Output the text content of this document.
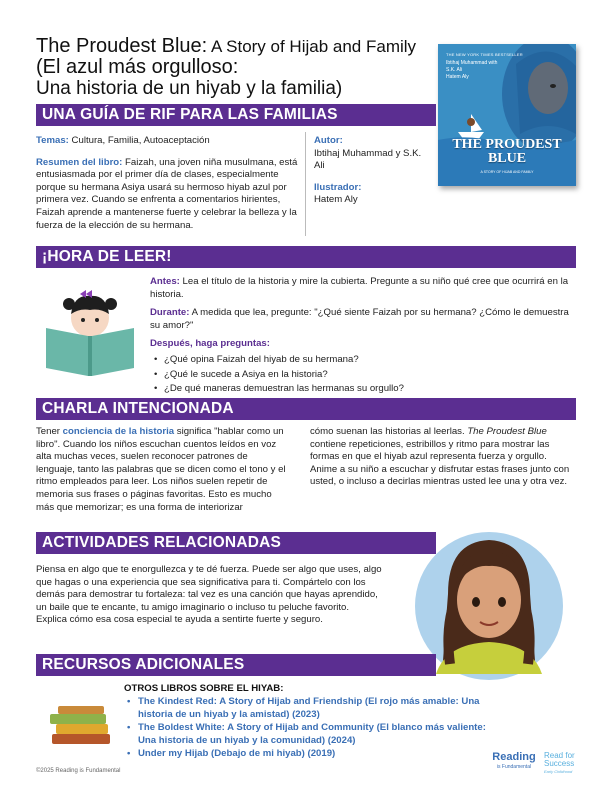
The Proudest Blue: A Story of Hijab and Family (El azul más orgulloso:
Una historia de un hiyab y la familia)
THE NEW YORK TIMES BESTSELLER
Ibtihaj Muhammad with S.K. Ali
Hatem Aly
THE PROUDEST BLUE
A STORY OF HIJAB AND FAMILY
UNA GUÍA DE RIF PARA LAS FAMILIAS

Temas: Cultura, Familia, Autoaceptación

Resumen del libro: Faizah, una joven niña musulmana, está entusiasmada por el primer día de clases, especialmente porque su hermana Asiya usará su hermoso hiyab azul por primera vez. Cuando se enfrenta a comentarios hirientes, Faizah aprende a mantenerse fuerte y celebrar la belleza y la fuerza de la elección de su hermana.

Autor:

Ibtihaj Muhammad y S.K. Ali

Ilustrador:

Hatem Aly

¡HORA DE LEER!

Antes: Lea el título de la historia y mire la cubierta. Pregunte a su niño qué cree que ocurrirá en la historia.

Durante: A medida que lea, pregunte: "¿Qué siente Faizah por su hermana? ¿Cómo le demuestra su amor?"

Después, haga preguntas:

• ¿Qué opina Faizah del hiyab de su hermana?
• ¿Qué le sucede a Asiya en la historia?
• ¿De qué maneras demuestran las hermanas su orgullo?
CHARLA INTENCIONADA

Tener conciencia de la historia significa "hablar como un libro". Cuando los niños escuchan cuentos leídos en voz alta muchas veces, suelen reconocer patrones de lenguaje, tanto las palabras que se dicen como el tono y el ritmo empleados para leer. Los niños suelen repetir de memoria sus frases o páginas favoritas. Esto es mucho más que memorizar; es una forma de interiorizar

cómo suenan las historias al leerlas. The Proudest Blue contiene repeticiones, estribillos y ritmo para mostrar las formas en que el hiyab azul representa fuerza y orgullo.

Anime a su niño a escuchar y disfrutar estas frases junto con usted, o incluso a decirlas mientras usted lee una y otra vez.

ACTIVIDADES RELACIONADAS

Piensa en algo que te enorgullezca y te dé fuerza. Puede ser algo que uses, algo que hagas o una experiencia que sea significativa para ti. Compártelo con los demás para demostrar tu fortaleza: tal vez es una canción que hayas aprendido, un baile que te encante, tu amigo imaginario o incluso tu peluche favorito.

Explica cómo esa cosa especial te ayuda a sentirte fuerte y seguro.

RECURSOS ADICIONALES

OTROS LIBROS SOBRE EL HIYAB:

• The Kindest Red: A Story of Hijab and Friendship (El rojo más amable: Una historia de un hiyab y la amistad) (2023)
• The Boldest White: A Story of Hijab and Community (El blanco más valiente: Una historia de un hiyab y la comunidad) (2024)
• Under my Hijab (Debajo de mi hiyab) (2019)
©2025 Reading is Fundamental
Reading
is Fundamental
Read for Success
Early Childhood
